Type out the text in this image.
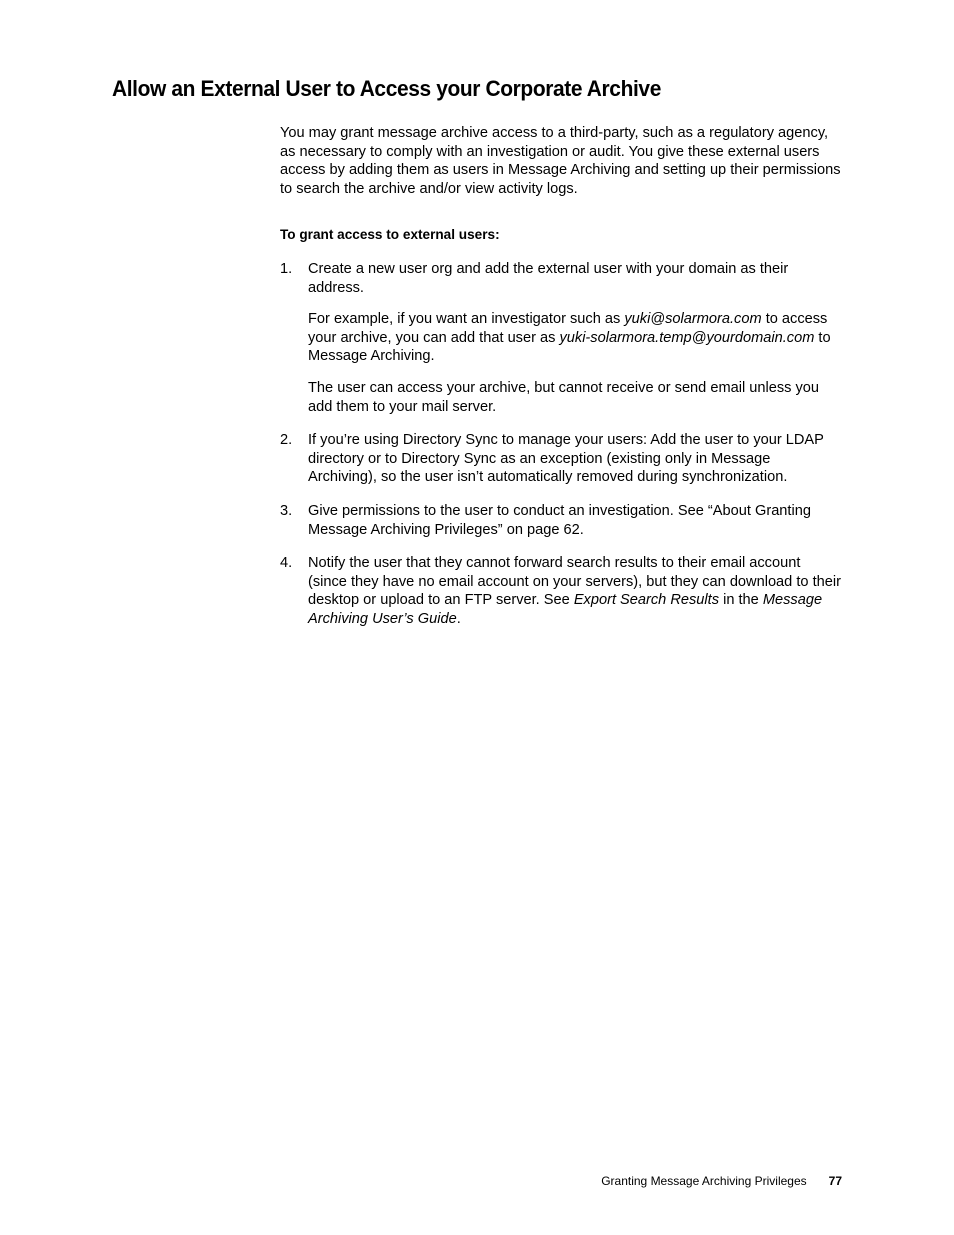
Allow an External User to Access your Corporate Archive

You may grant message archive access to a third-party, such as a regulatory agency, as necessary to comply with an investigation or audit. You give these external users access by adding them as users in Message Archiving and setting up their permissions to search the archive and/or view activity logs.

To grant access to external users:

1. Create a new user org and add the external user with your domain as their address.

For example, if you want an investigator such as yuki@solarmora.com to access your archive, you can add that user as yuki-solarmora.temp@yourdomain.com to Message Archiving.

The user can access your archive, but cannot receive or send email unless you add them to your mail server.

2. If you’re using Directory Sync to manage your users: Add the user to your LDAP directory or to Directory Sync as an exception (existing only in Message Archiving), so the user isn’t automatically removed during synchronization.

3. Give permissions to the user to conduct an investigation. See “About Granting Message Archiving Privileges” on page 62.

4. Notify the user that they cannot forward search results to their email account (since they have no email account on your servers), but they can download to their desktop or upload to an FTP server. See Export Search Results in the Message Archiving User’s Guide.

Granting Message Archiving Privileges 77
